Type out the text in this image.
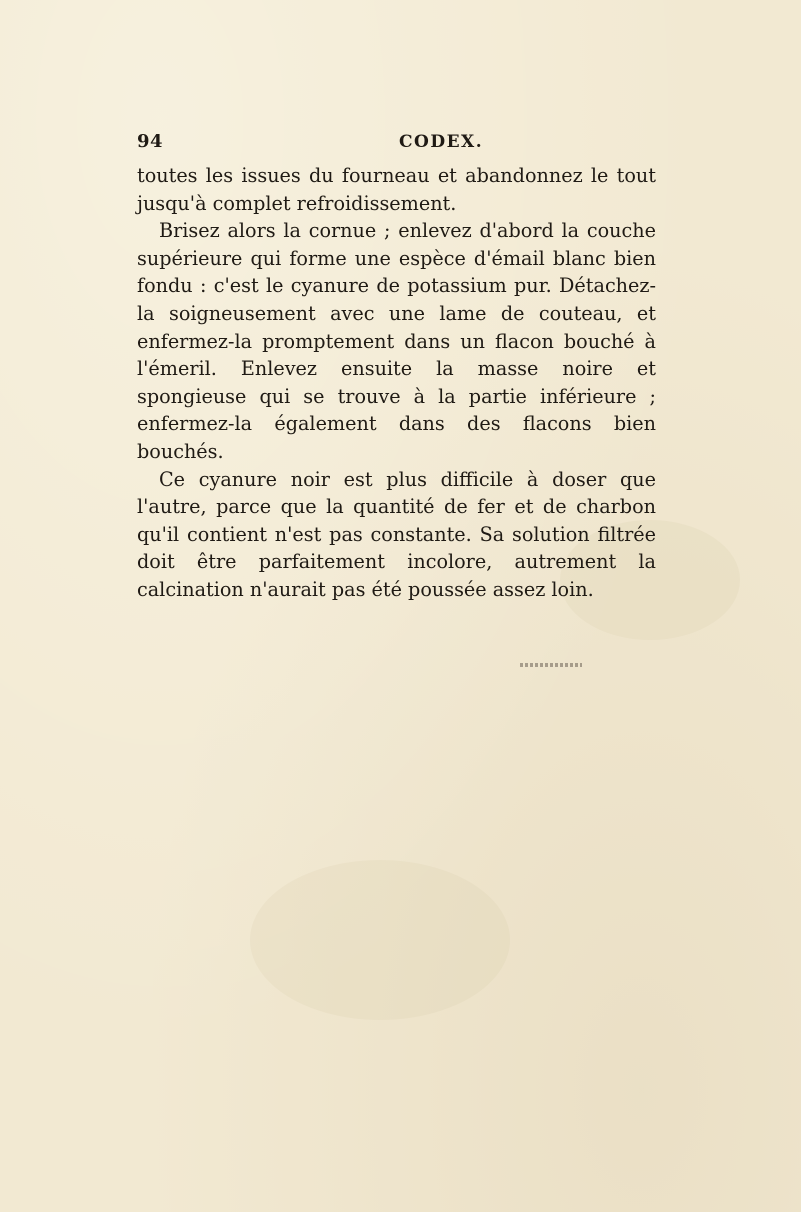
94	CODEX.

toutes les issues du fourneau et abandonnez le tout jusqu'à complet refroidissement.

Brisez alors la cornue ; enlevez d'abord la couche supérieure qui forme une espèce d'émail blanc bien fondu : c'est le cyanure de potassium pur. Détachez-la soigneusement avec une lame de couteau, et enfermez-la promptement dans un flacon bouché à l'émeril. Enlevez ensuite la masse noire et spongieuse qui se trouve à la partie inférieure ; enfermez-la également dans des flacons bien bouchés.

Ce cyanure noir est plus difficile à doser que l'autre, parce que la quantité de fer et de charbon qu'il contient n'est pas constante. Sa solution filtrée doit être parfaitement incolore, autrement la calcination n'aurait pas été poussée assez loin.
